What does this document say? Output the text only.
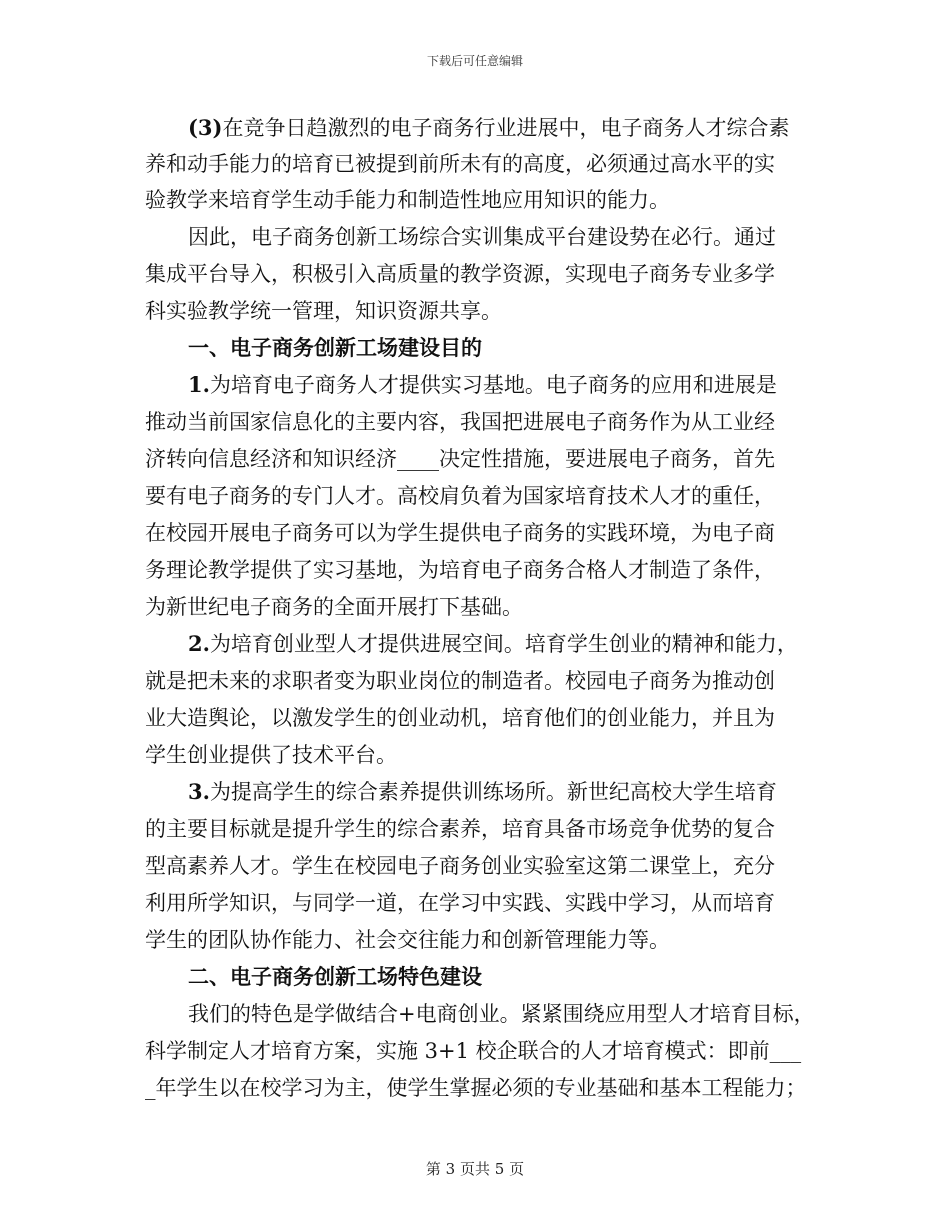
下载后可任意编辑
(3)在竞争日趋激烈的电子商务行业进展中，电子商务人才综合素
养和动手能力的培育已被提到前所未有的高度，必须通过高水平的实
验教学来培育学生动手能力和制造性地应用知识的能力。
因此，电子商务创新工场综合实训集成平台建设势在必行。通过
集成平台导入，积极引入高质量的教学资源，实现电子商务专业多学
科实验教学统一管理，知识资源共享。
一、电子商务创新工场建设目的
1.为培育电子商务人才提供实习基地。电子商务的应用和进展是
推动当前国家信息化的主要内容，我国把进展电子商务作为从工业经
济转向信息经济和知识经济____决定性措施，要进展电子商务，首先
要有电子商务的专门人才。高校肩负着为国家培育技术人才的重任，
在校园开展电子商务可以为学生提供电子商务的实践环境，为电子商
务理论教学提供了实习基地，为培育电子商务合格人才制造了条件，
为新世纪电子商务的全面开展打下基础。
2.为培育创业型人才提供进展空间。培育学生创业的精神和能力，
就是把未来的求职者变为职业岗位的制造者。校园电子商务为推动创
业大造舆论，以激发学生的创业动机，培育他们的创业能力，并且为
学生创业提供了技术平台。
3.为提高学生的综合素养提供训练场所。新世纪高校大学生培育
的主要目标就是提升学生的综合素养，培育具备市场竞争优势的复合
型高素养人才。学生在校园电子商务创业实验室这第二课堂上，充分
利用所学知识，与同学一道，在学习中实践、实践中学习，从而培育
学生的团队协作能力、社会交往能力和创新管理能力等。
二、电子商务创新工场特色建设
我们的特色是学做结合+电商创业。紧紧围绕应用型人才培育目标，
科学制定人才培育方案，实施 3+1 校企联合的人才培育模式：即前___
_年学生以在校学习为主，使学生掌握必须的专业基础和基本工程能力；
第 3 页共 5 页
